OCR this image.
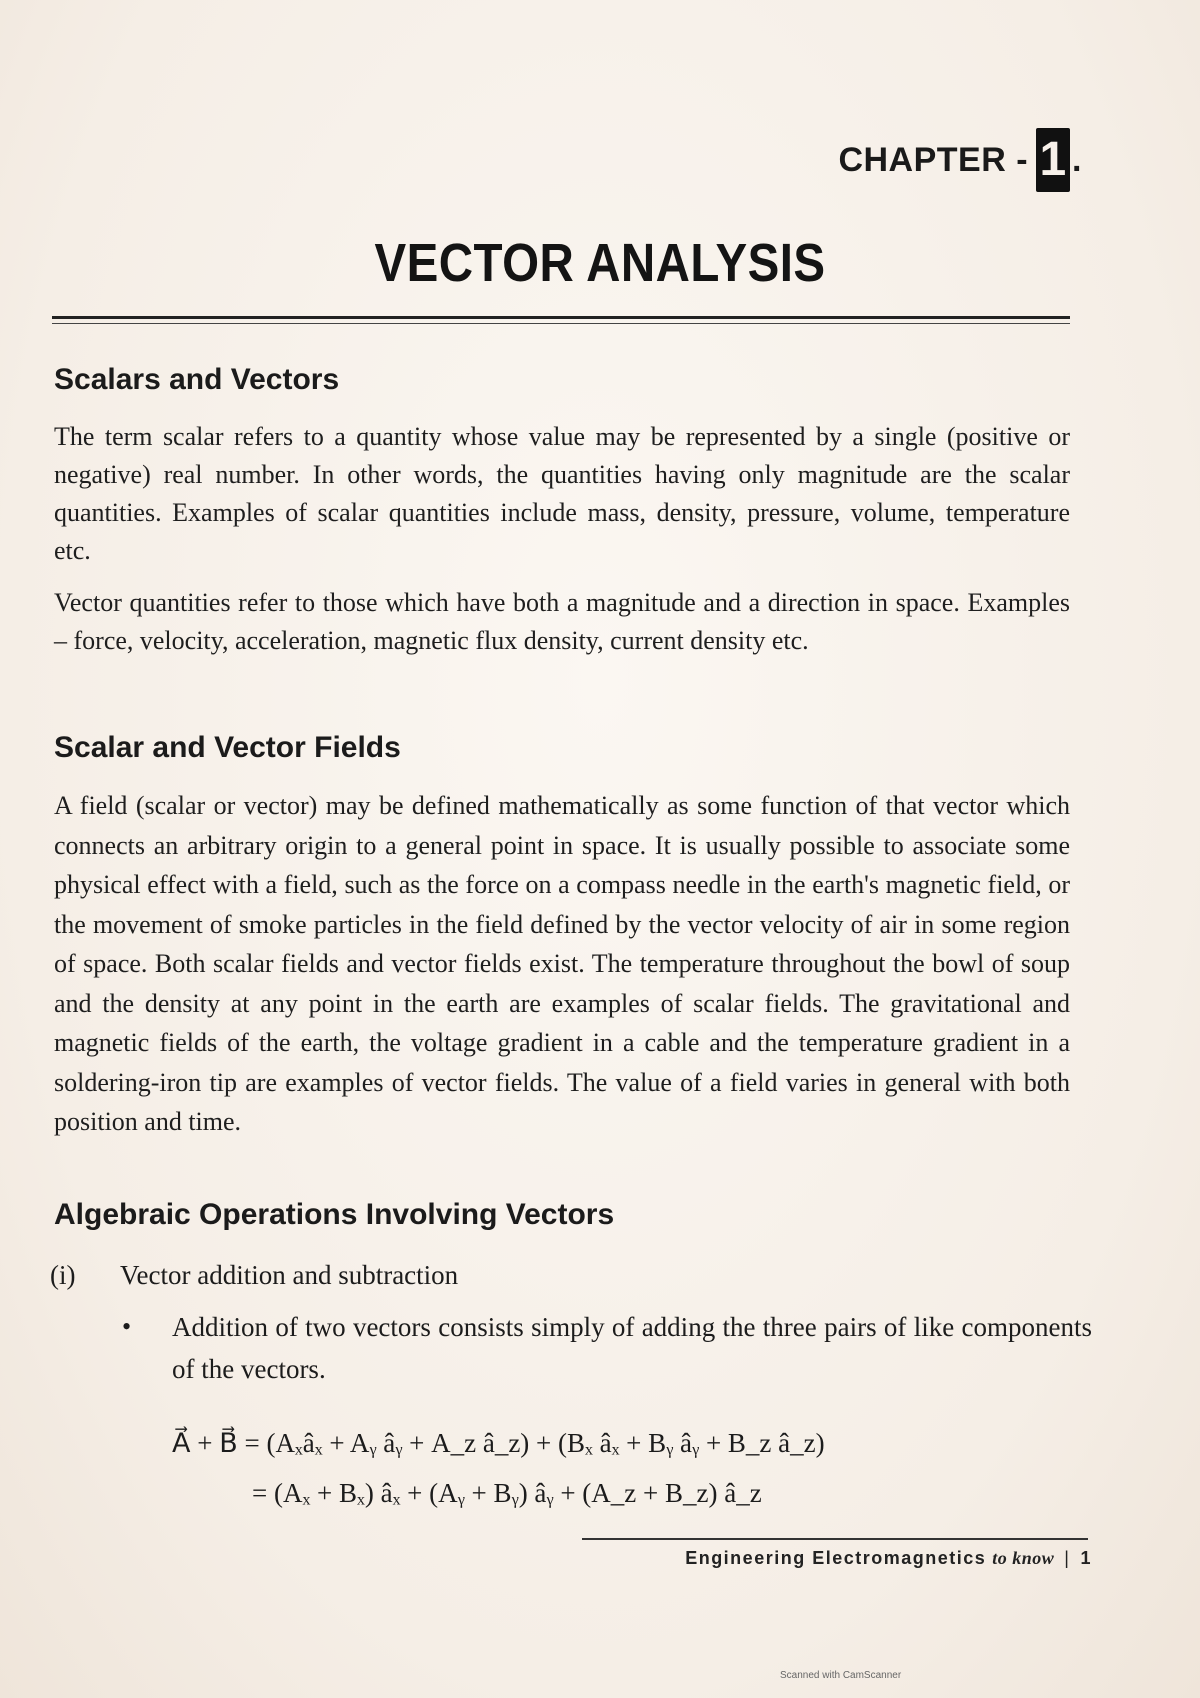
CHAPTER - 1 .
VECTOR ANALYSIS
Scalars and Vectors
The term scalar refers to a quantity whose value may be represented by a single (positive or negative) real number. In other words, the quantities having only magnitude are the scalar quantities. Examples of scalar quantities include mass, density, pressure, volume, temperature etc.
Vector quantities refer to those which have both a magnitude and a direction in space. Examples – force, velocity, acceleration, magnetic flux density, current density etc.
Scalar and Vector Fields
A field (scalar or vector) may be defined mathematically as some function of that vector which connects an arbitrary origin to a general point in space. It is usually possible to associate some physical effect with a field, such as the force on a compass needle in the earth's magnetic field, or the movement of smoke particles in the field defined by the vector velocity of air in some region of space. Both scalar fields and vector fields exist. The temperature throughout the bowl of soup and the density at any point in the earth are examples of scalar fields. The gravitational and magnetic fields of the earth, the voltage gradient in a cable and the temperature gradient in a soldering-iron tip are examples of vector fields. The value of a field varies in general with both position and time.
Algebraic Operations Involving Vectors
(i) Vector addition and subtraction
• Addition of two vectors consists simply of adding the three pairs of like components of the vectors.
A⃗ + B⃗ = (Aₓâₓ + Aᵧ âᵧ + A_z â_z) + (Bₓ âₓ + Bᵧ âᵧ + B_z â_z)
= (Aₓ + Bₓ) âₓ + (Aᵧ + Bᵧ) âᵧ + (A_z + B_z) â_z
Engineering Electromagnetics to know | 1
Scanned with CamScanner
